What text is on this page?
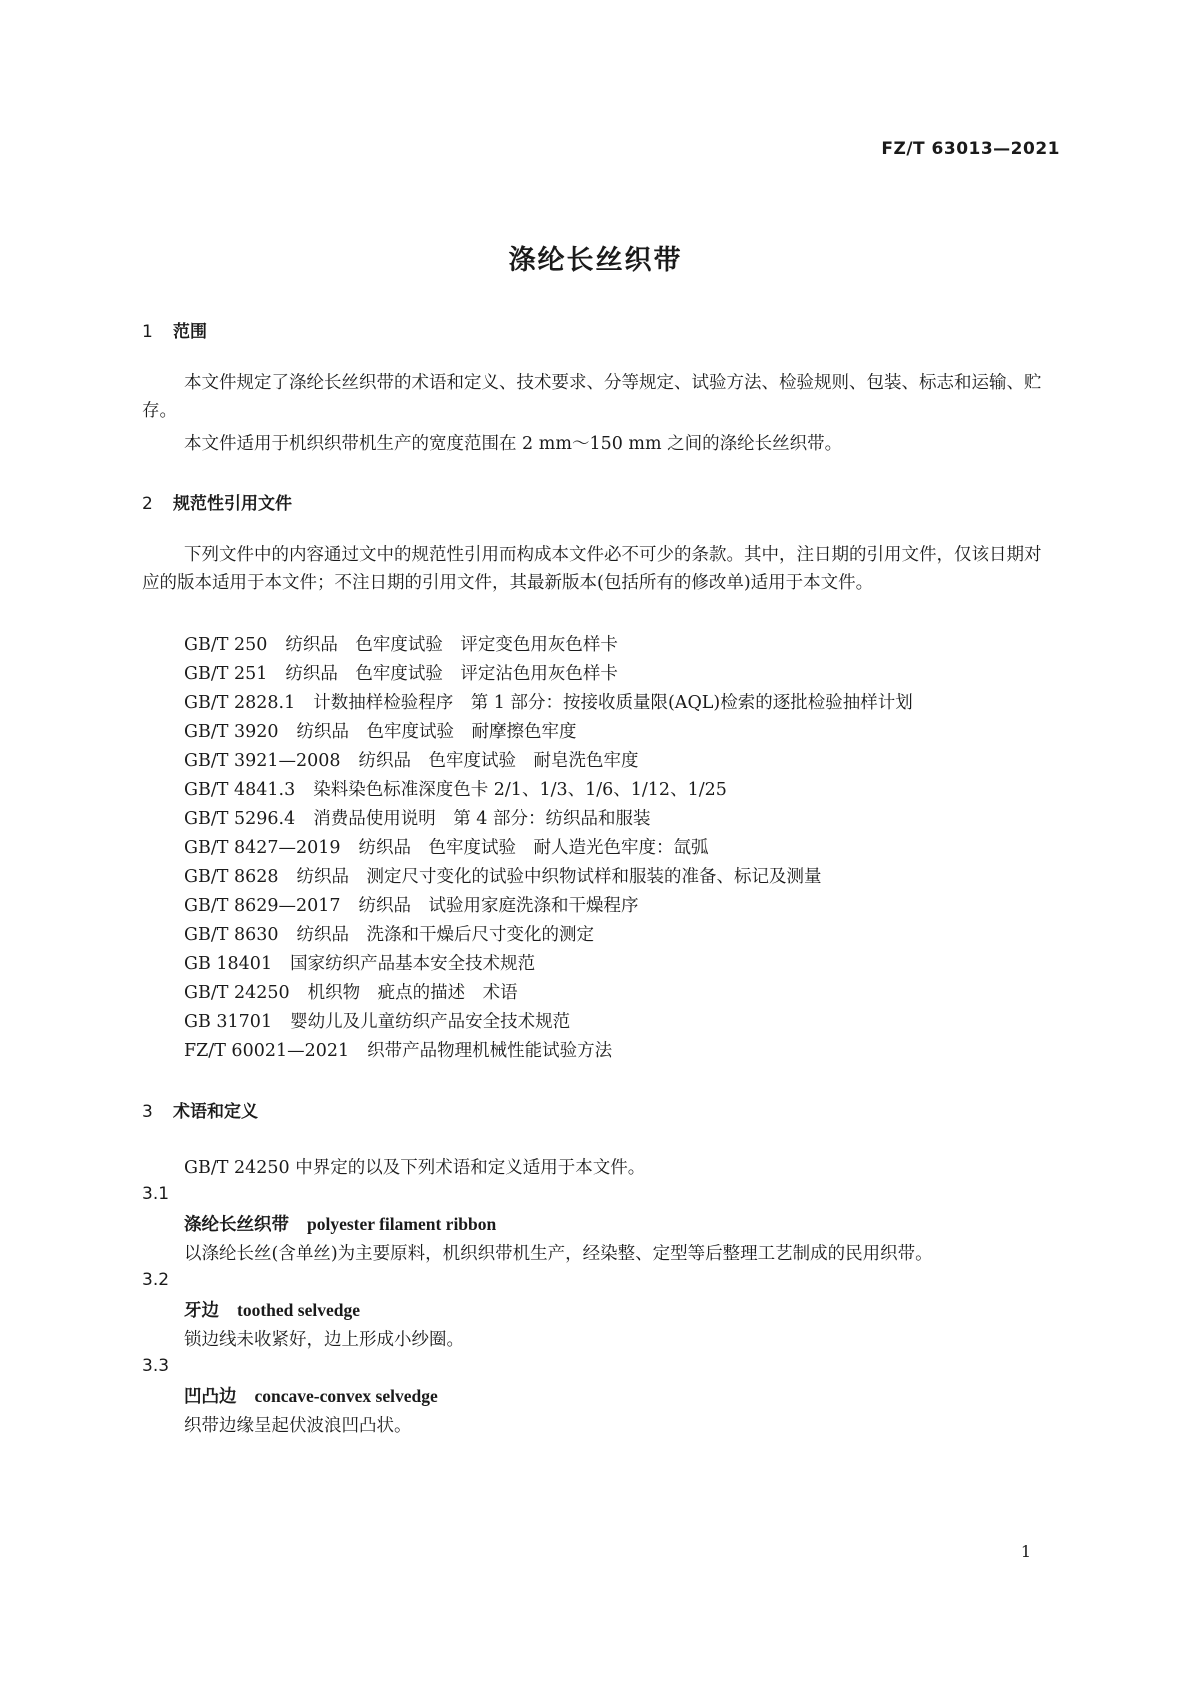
FZ/T 63013—2021
涤纶长丝织带
1 范围
本文件规定了涤纶长丝织带的术语和定义、技术要求、分等规定、试验方法、检验规则、包装、标志和运输、贮存。
本文件适用于机织织带机生产的宽度范围在 2 mm～150 mm 之间的涤纶长丝织带。
2 规范性引用文件
下列文件中的内容通过文中的规范性引用而构成本文件必不可少的条款。其中，注日期的引用文件，仅该日期对应的版本适用于本文件；不注日期的引用文件，其最新版本(包括所有的修改单)适用于本文件。
GB/T 250 纺织品　色牢度试验　评定变色用灰色样卡
GB/T 251 纺织品　色牢度试验　评定沾色用灰色样卡
GB/T 2828.1 计数抽样检验程序　第 1 部分：按接收质量限(AQL)检索的逐批检验抽样计划
GB/T 3920 纺织品　色牢度试验　耐摩擦色牢度
GB/T 3921—2008 纺织品　色牢度试验　耐皂洗色牢度
GB/T 4841.3 染料染色标准深度色卡 2/1、1/3、1/6、1/12、1/25
GB/T 5296.4 消费品使用说明　第 4 部分：纺织品和服装
GB/T 8427—2019 纺织品　色牢度试验　耐人造光色牢度：氙弧
GB/T 8628 纺织品　测定尺寸变化的试验中织物试样和服装的准备、标记及测量
GB/T 8629—2017 纺织品　试验用家庭洗涤和干燥程序
GB/T 8630 纺织品　洗涤和干燥后尺寸变化的测定
GB 18401 国家纺织产品基本安全技术规范
GB/T 24250 机织物　疵点的描述　术语
GB 31701 婴幼儿及儿童纺织产品安全技术规范
FZ/T 60021—2021 织带产品物理机械性能试验方法
3 术语和定义
GB/T 24250 中界定的以及下列术语和定义适用于本文件。
3.1
涤纶长丝织带 polyester filament ribbon
以涤纶长丝(含单丝)为主要原料，机织织带机生产，经染整、定型等后整理工艺制成的民用织带。
3.2
牙边 toothed selvedge
锁边线未收紧好，边上形成小纱圈。
3.3
凹凸边 concave-convex selvedge
织带边缘呈起伏波浪凹凸状。
1
